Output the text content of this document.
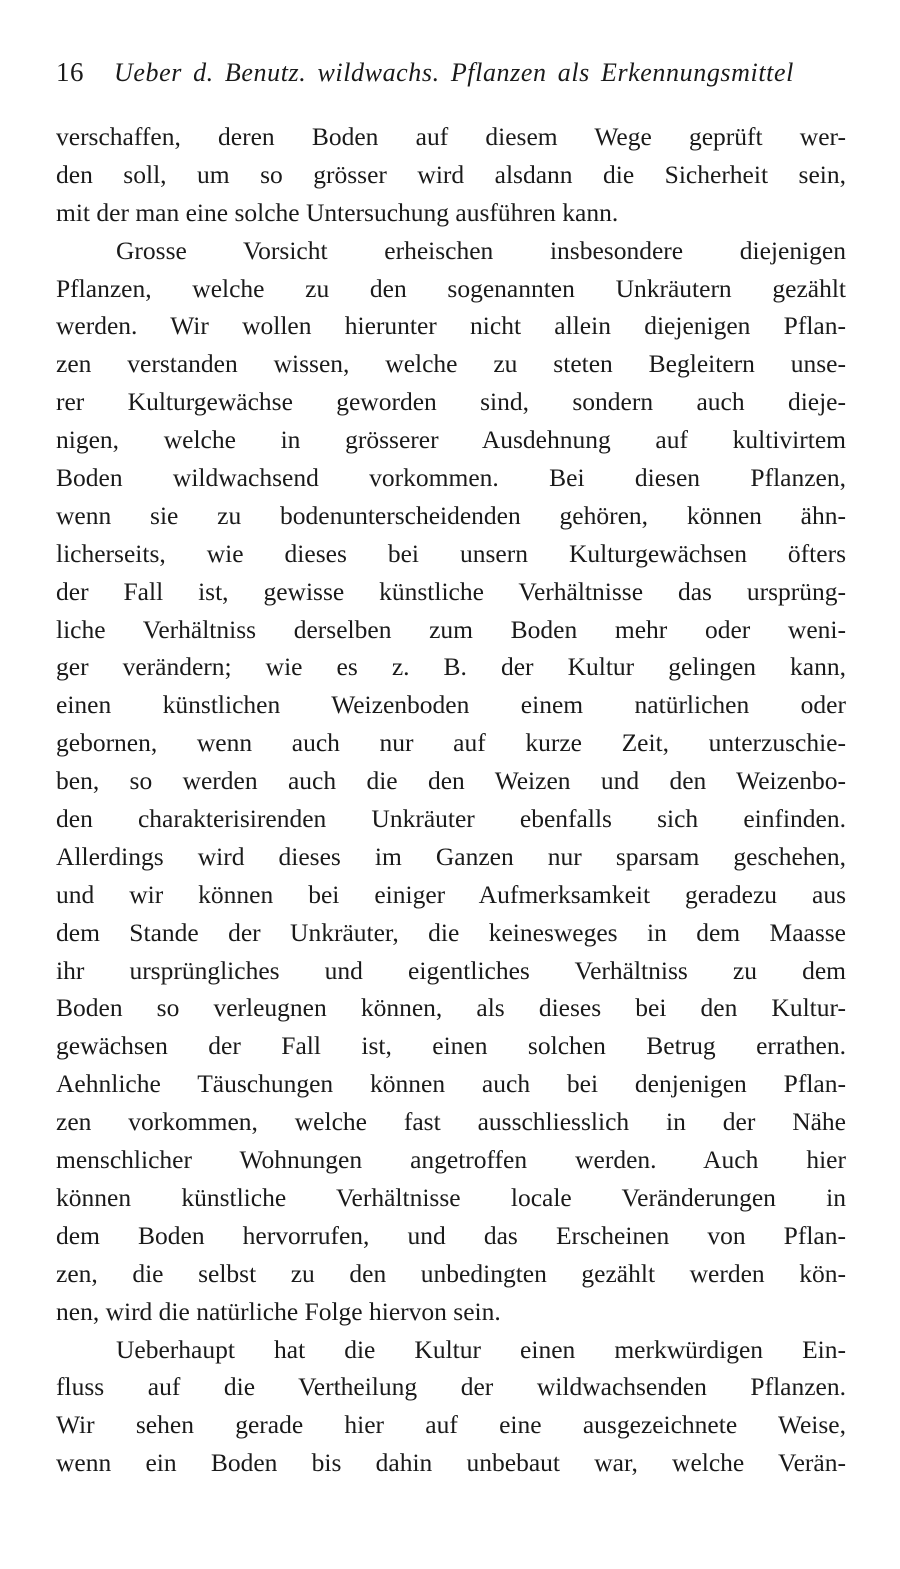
16 Ueber d. Benutz. wildwachs. Pflanzen als Erkennungsmittel
verschaffen, deren Boden auf diesem Wege geprüft wer-
den soll, um so grösser wird alsdann die Sicherheit sein,
mit der man eine solche Untersuchung ausführen kann.
Grosse Vorsicht erheischen insbesondere diejenigen
Pflanzen, welche zu den sogenannten Unkräutern gezählt
werden. Wir wollen hierunter nicht allein diejenigen Pflan-
zen verstanden wissen, welche zu steten Begleitern unse-
rer Kulturgewächse geworden sind, sondern auch dieje-
nigen, welche in grösserer Ausdehnung auf kultivirtem
Boden wildwachsend vorkommen. Bei diesen Pflanzen,
wenn sie zu bodenunterscheidenden gehören, können ähn-
licherseits, wie dieses bei unsern Kulturgewächsen öfters
der Fall ist, gewisse künstliche Verhältnisse das ursprüng-
liche Verhältniss derselben zum Boden mehr oder weni-
ger verändern; wie es z. B. der Kultur gelingen kann,
einen künstlichen Weizenboden einem natürlichen oder
gebornen, wenn auch nur auf kurze Zeit, unterzuschie-
ben, so werden auch die den Weizen und den Weizenbo-
den charakterisirenden Unkräuter ebenfalls sich einfinden.
Allerdings wird dieses im Ganzen nur sparsam geschehen,
und wir können bei einiger Aufmerksamkeit geradezu aus
dem Stande der Unkräuter, die keinesweges in dem Maasse
ihr ursprüngliches und eigentliches Verhältniss zu dem
Boden so verleugnen können, als dieses bei den Kultur-
gewächsen der Fall ist, einen solchen Betrug errathen.
Aehnliche Täuschungen können auch bei denjenigen Pflan-
zen vorkommen, welche fast ausschliesslich in der Nähe
menschlicher Wohnungen angetroffen werden. Auch hier
können künstliche Verhältnisse locale Veränderungen in
dem Boden hervorrufen, und das Erscheinen von Pflan-
zen, die selbst zu den unbedingten gezählt werden kön-
nen, wird die natürliche Folge hiervon sein.
Ueberhaupt hat die Kultur einen merkwürdigen Ein-
fluss auf die Vertheilung der wildwachsenden Pflanzen.
Wir sehen gerade hier auf eine ausgezeichnete Weise,
wenn ein Boden bis dahin unbebaut war, welche Verän-
